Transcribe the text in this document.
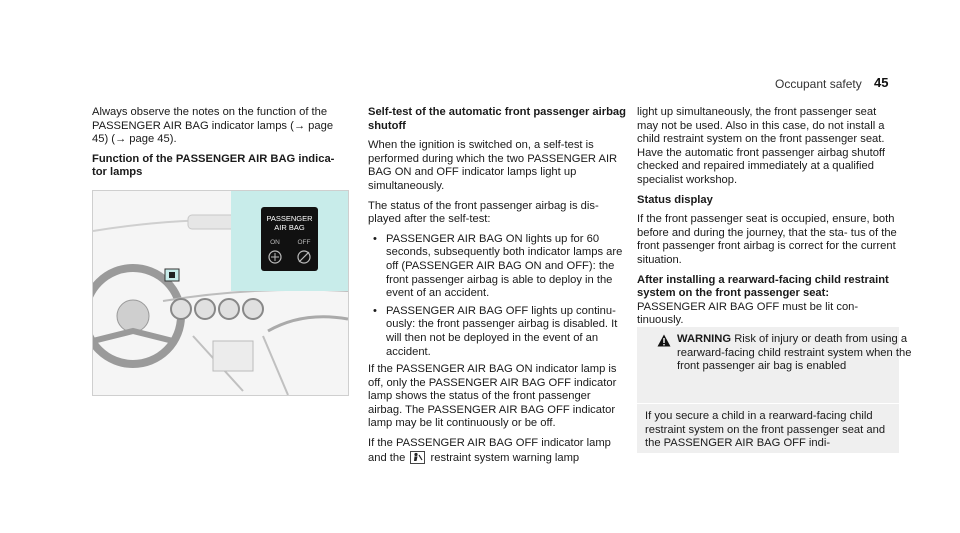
Occupant safety 45

Always observe the notes on the function of the PASSENGER AIR BAG indicator lamps (→ page 45) (→ page 45).

Function of the PASSENGER AIR BAG indica- tor lamps

PASSENGER
AIR BAG
ON	OFF

Self-test of the automatic front passenger airbag shutoff

When the ignition is switched on, a self-test is performed during which the two PASSENGER AIR BAG ON and OFF indicator lamps light up simultaneously.

The status of the front passenger airbag is dis- played after the self-test:

• PASSENGER AIR BAG ON lights up for 60 seconds, subsequently both indicator lamps are off (PASSENGER AIR BAG ON and OFF): the front passenger airbag is able to deploy in the event of an accident.
• PASSENGER AIR BAG OFF lights up continu- ously: the front passenger airbag is disabled. It will then not be deployed in the event of an accident.

If the PASSENGER AIR BAG ON indicator lamp is off, only the PASSENGER AIR BAG OFF indicator lamp shows the status of the front passenger airbag. The PASSENGER AIR BAG OFF indicator lamp may be lit continuously or be off.

If the PASSENGER AIR BAG OFF indicator lamp and the restraint system warning lamp

light up simultaneously, the front passenger seat may not be used. Also in this case, do not install a child restraint system on the front passenger seat. Have the automatic front passenger airbag shutoff checked and repaired immediately at a qualified specialist workshop.

Status display

If the front passenger seat is occupied, ensure, both before and during the journey, that the sta- tus of the front passenger front airbag is correct for the current situation.

After installing a rearward-facing child restraint system on the front passenger seat: PASSENGER AIR BAG OFF must be lit con- tinuously.

WARNING Risk of injury or death from using a rearward-facing child restraint system when the front passenger air bag is enabled
If you secure a child in a rearward-facing child restraint system on the front passenger seat and the PASSENGER AIR BAG OFF indi-
